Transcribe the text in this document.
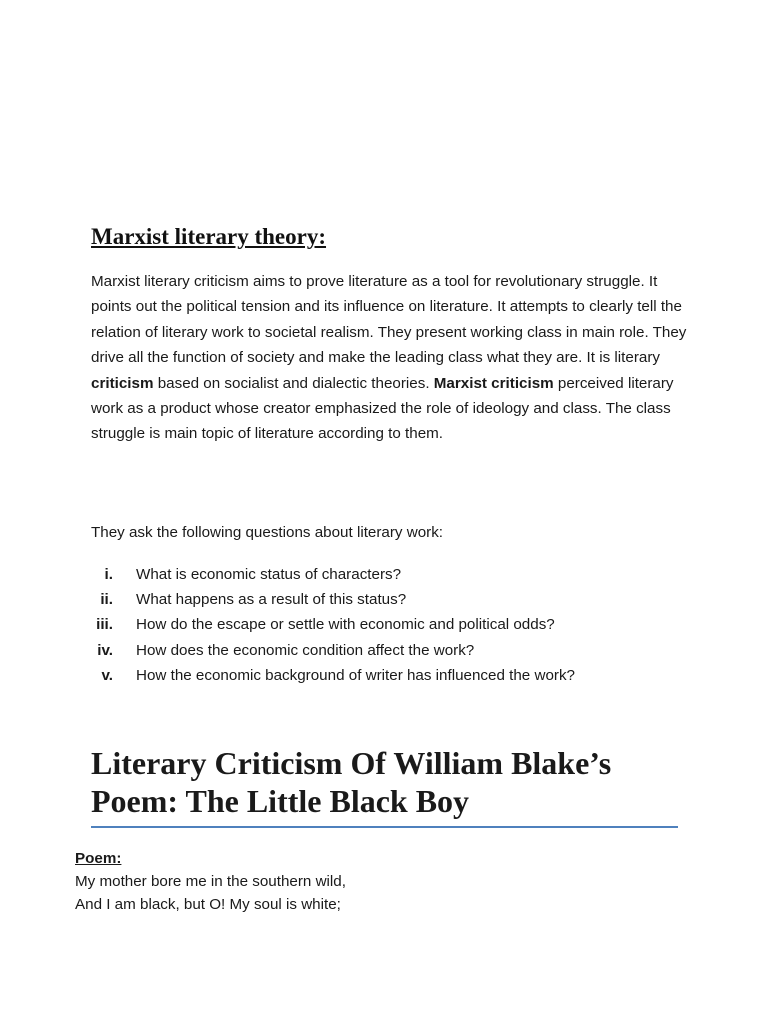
Marxist literary theory:

Marxist literary criticism aims to prove literature as a tool for revolutionary struggle. It points out the political tension and its influence on literature. It attempts to clearly tell the relation of literary work to societal realism. They present working class in main role. They drive all the function of society and make the leading class what they are. It is literary criticism based on socialist and dialectic theories. Marxist criticism perceived literary work as a product whose creator emphasized the role of ideology and class. The class struggle is main topic of literature according to them.

They ask the following questions about literary work:

i. What is economic status of characters?
ii. What happens as a result of this status?
iii. How do the escape or settle with economic and political odds?
iv. How does the economic condition affect the work?
v. How the economic background of writer has influenced the work?
Literary Criticism Of William Blake’s Poem: The Little Black Boy

Poem:

My mother bore me in the southern wild,

And I am black, but O! My soul is white;
